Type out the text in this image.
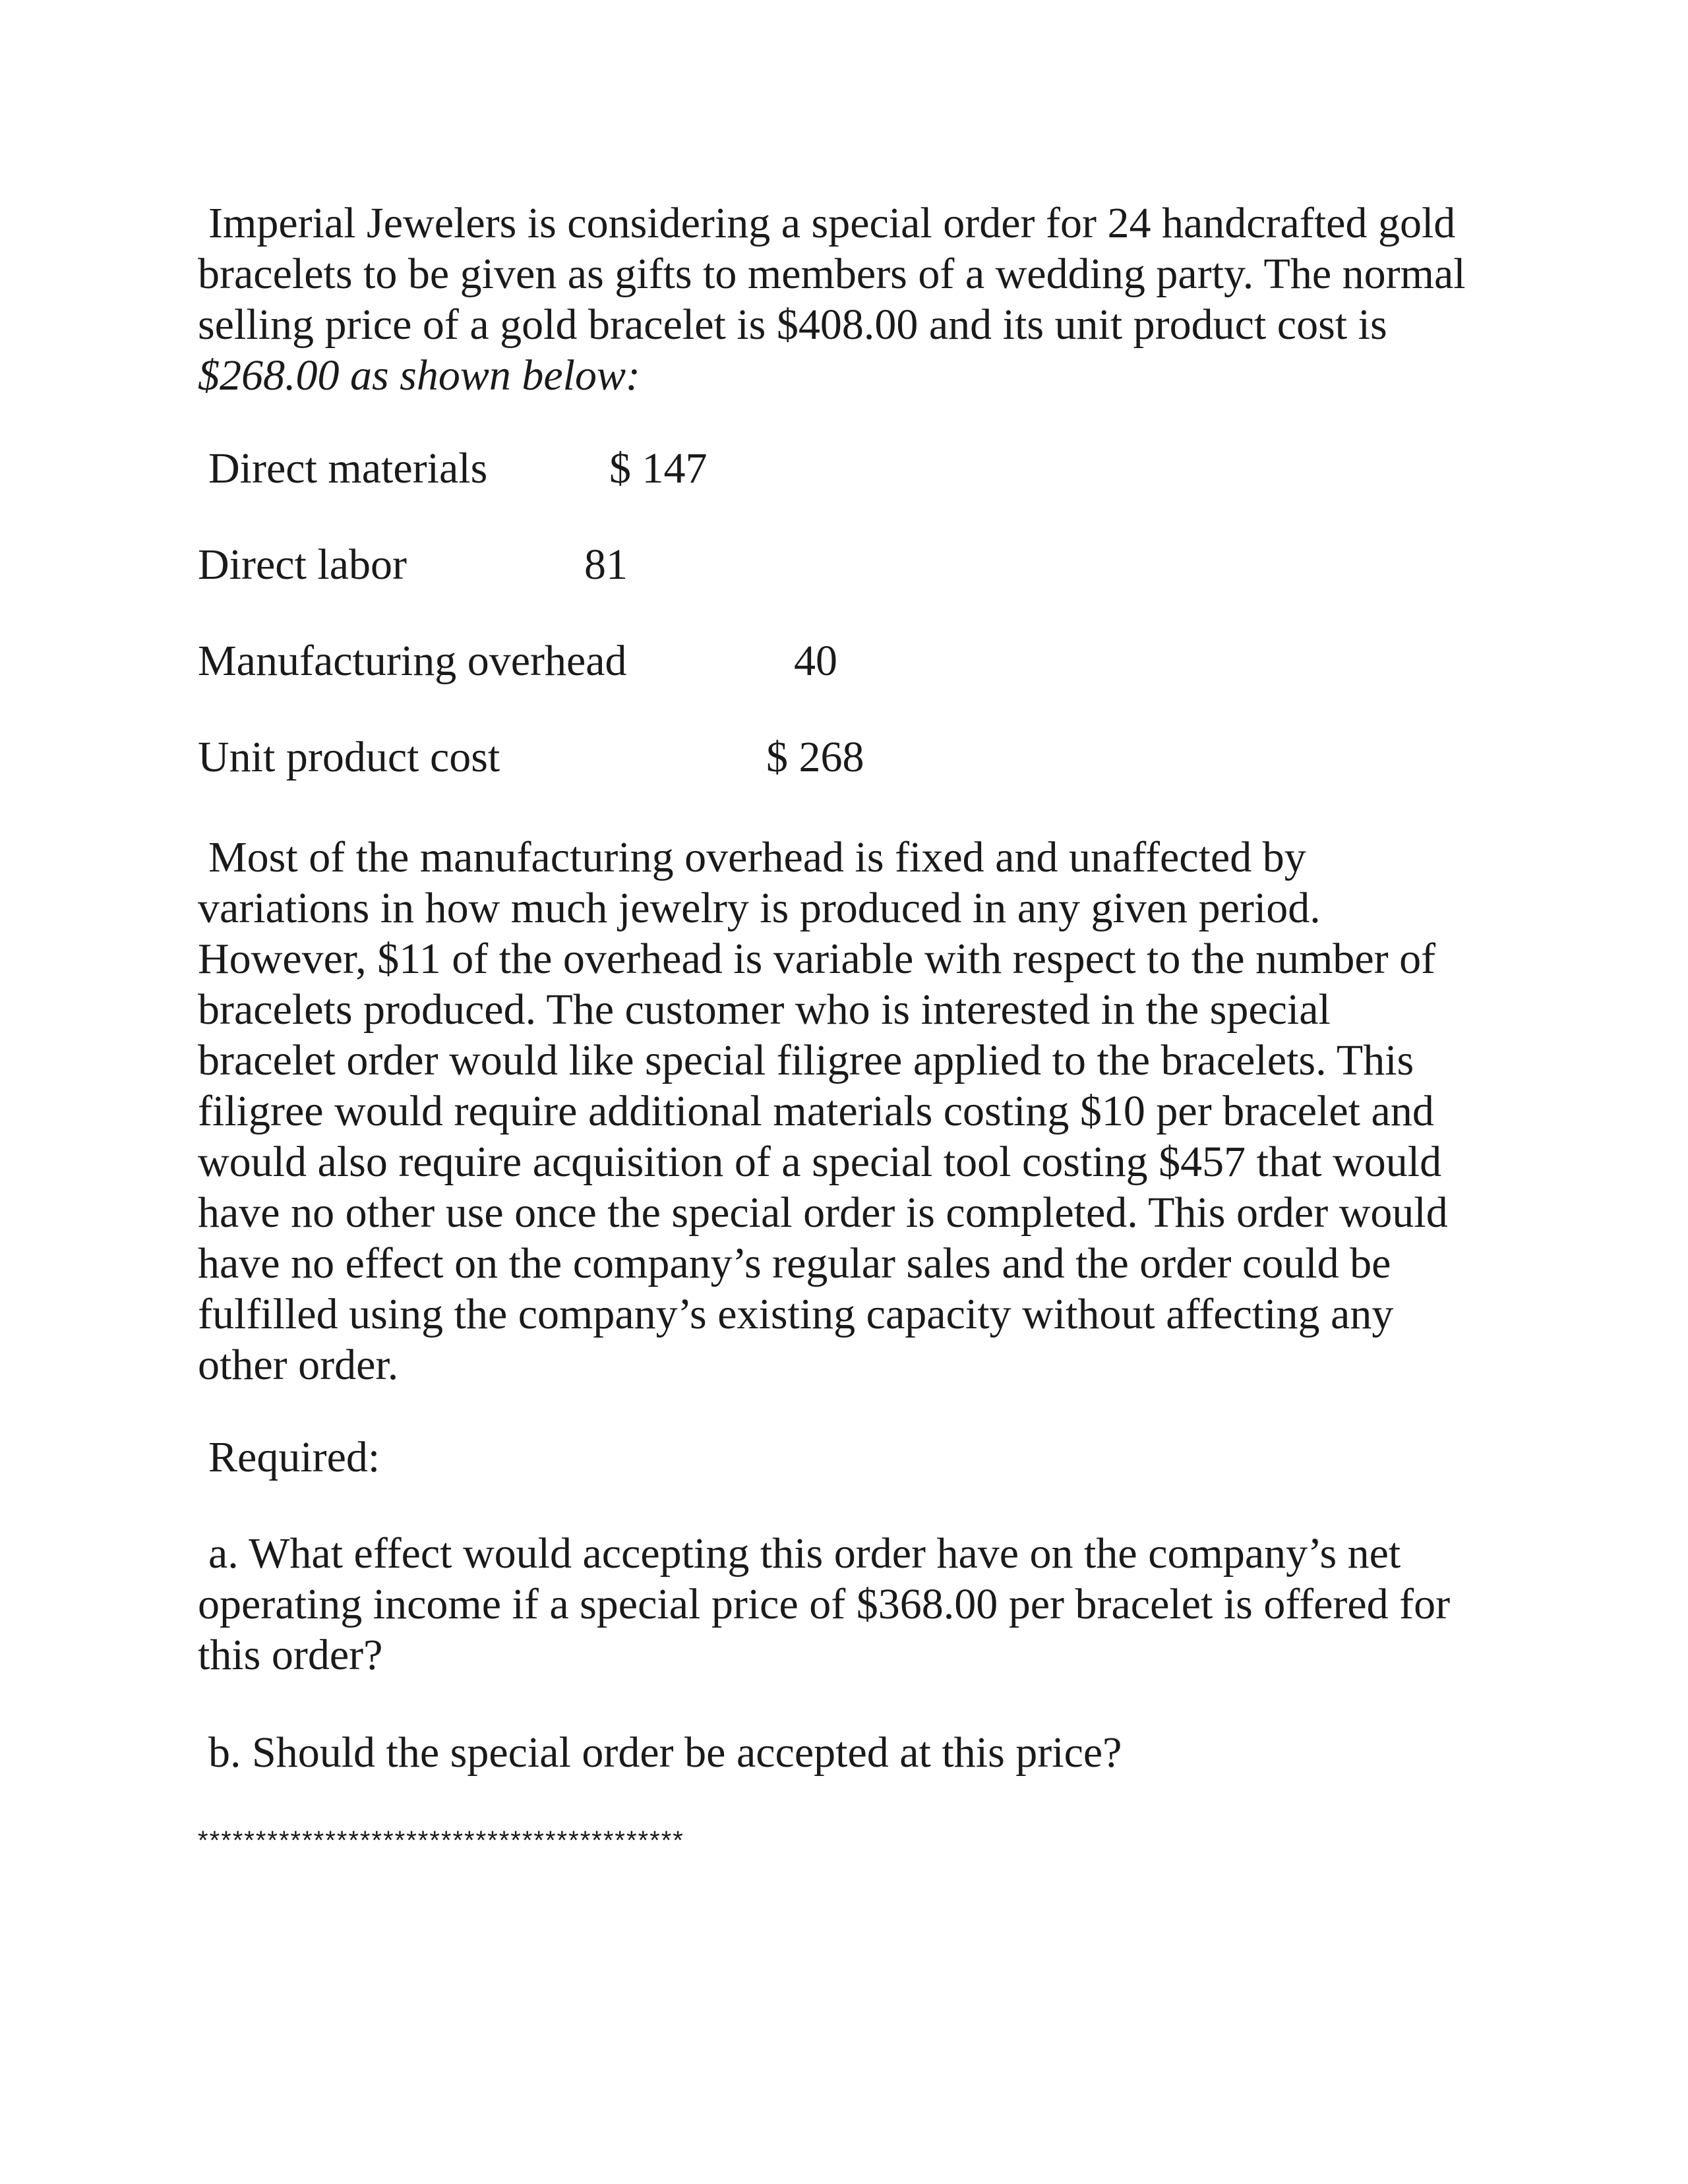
Imperial Jewelers is considering a special order for 24 handcrafted gold
bracelets to be given as gifts to members of a wedding party. The normal
selling price of a gold bracelet is $408.00 and its unit product cost is
$268.00 as shown below:

Direct materials	$ 147
Direct labor	81
Manufacturing overhead	40
Unit product cost	$ 268

Most of the manufacturing overhead is fixed and unaffected by
variations in how much jewelry is produced in any given period.
However, $11 of the overhead is variable with respect to the number of
bracelets produced. The customer who is interested in the special
bracelet order would like special filigree applied to the bracelets. This
filigree would require additional materials costing $10 per bracelet and
would also require acquisition of a special tool costing $457 that would
have no other use once the special order is completed. This order would
have no effect on the company’s regular sales and the order could be
fulfilled using the company’s existing capacity without affecting any
other order.

Required:

a. What effect would accepting this order have on the company’s net
operating income if a special price of $368.00 per bracelet is offered for
this order?

b. Should the special order be accepted at this price?

******************************************
